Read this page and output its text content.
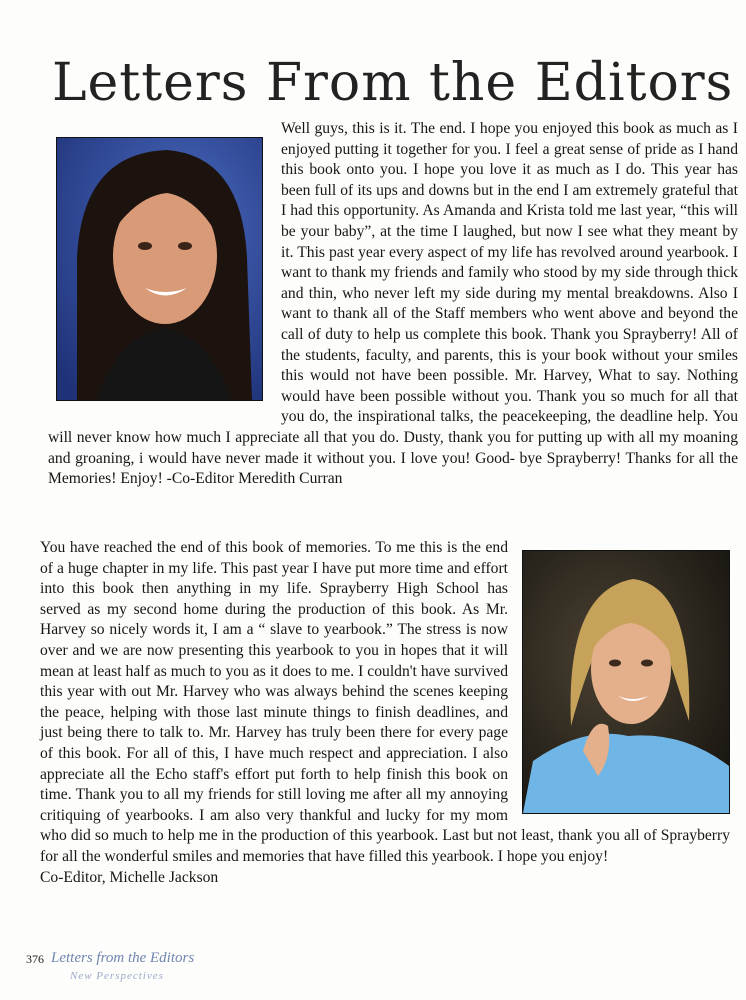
Letters From the Editors
Well guys, this is it. The end. I hope you enjoyed this book as much as I enjoyed putting it together for you. I feel a great sense of pride as I hand this book onto you. I hope you love it as much as I do. This year has been full of its ups and downs but in the end I am extremely grateful that I had this opportunity. As Amanda and Krista told me last year, “this will be your baby”, at the time I laughed, but now I see what they meant by it. This past year every aspect of my life has revolved around yearbook. I want to thank my friends and family who stood by my side through thick and thin, who never left my side during my mental breakdowns. Also I want to thank all of the Staff members who went above and beyond the call of duty to help us complete this book. Thank you Sprayberry! All of the students, faculty, and parents, this is your book without your smiles this would not have been possible. Mr. Harvey, What to say. Nothing would have been possible without you. Thank you so much for all that you do, the inspirational talks, the peacekeeping, the deadline help. You will never know how much I appreciate all that you do. Dusty, thank you for putting up with all my moaning and groaning, i would have never made it without you. I love you! Good- bye Sprayberry! Thanks for all the Memories! Enjoy! -Co-Editor Meredith Curran
You have reached the end of this book of memories. To me this is the end of a huge chapter in my life. This past year I have put more time and effort into this book then anything in my life. Sprayberry High School has served as my second home during the production of this book. As Mr. Harvey so nicely words it, I am a “ slave to yearbook.” The stress is now over and we are now presenting this yearbook to you in hopes that it will mean at least half as much to you as it does to me. I couldn't have survived this year with out Mr. Harvey who was always behind the scenes keeping the peace, helping with those last minute things to finish deadlines, and just being there to talk to. Mr. Harvey has truly been there for every page of this book. For all of this, I have much respect and appreciation. I also appreciate all the Echo staff's effort put forth to help finish this book on time. Thank you to all my friends for still loving me after all my annoying critiquing of yearbooks. I am also very thankful and lucky for my mom who did so much to help me in the production of this yearbook. Last but not least, thank you all of Sprayberry for all the wonderful smiles and memories that have filled this yearbook. I hope you enjoy!
Co-Editor, Michelle Jackson
376 Letters from the Editors
New Perspectives
